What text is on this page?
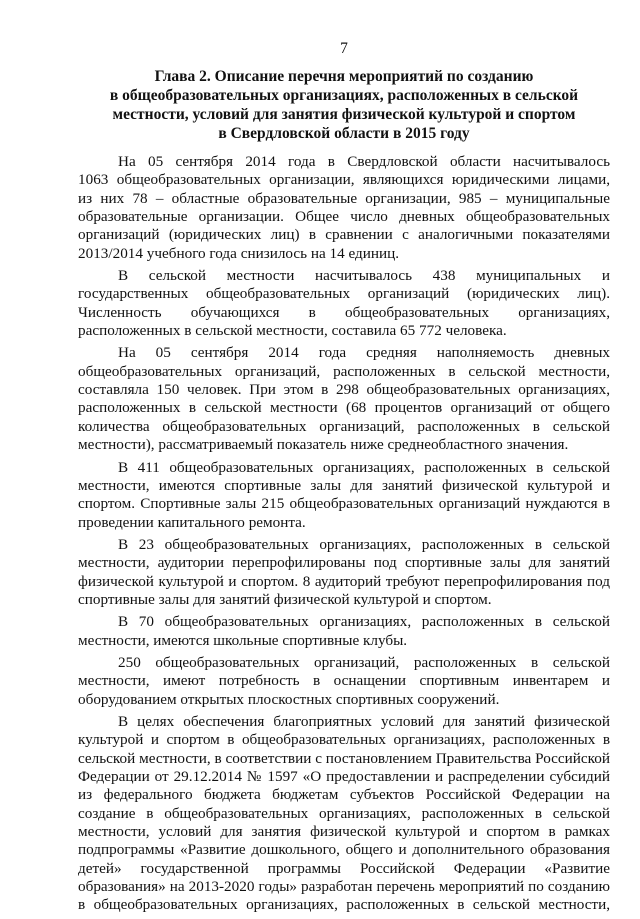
7
Глава 2. Описание перечня мероприятий по созданию
в общеобразовательных организациях, расположенных в сельской
местности, условий для занятия физической культурой и спортом
в Свердловской области в 2015 году

На 05 сентября 2014 года в Свердловской области насчитывалось
1063 общеобразовательных организации, являющихся юридическими лицами,
из них 78 – областные образовательные организации, 985 – муниципальные
образовательные организации. Общее число дневных общеобразовательных
организаций (юридических лиц) в сравнении с аналогичными показателями
2013/2014 учебного года снизилось на 14 единиц.

В сельской местности насчитывалось 438 муниципальных и
государственных общеобразовательных организаций (юридических лиц).
Численность обучающихся в общеобразовательных организациях,
расположенных в сельской местности, составила 65 772 человека.

На 05 сентября 2014 года средняя наполняемость дневных
общеобразовательных организаций, расположенных в сельской местности,
составляла 150 человек. При этом в 298 общеобразовательных организациях,
расположенных в сельской местности (68 процентов организаций от общего
количества общеобразовательных организаций, расположенных в сельской
местности), рассматриваемый показатель ниже среднеобластного значения.

В 411 общеобразовательных организациях, расположенных в сельской
местности, имеются спортивные залы для занятий физической культурой и
спортом. Спортивные залы 215 общеобразовательных организаций нуждаются в
проведении капитального ремонта.

В 23 общеобразовательных организациях, расположенных в сельской
местности, аудитории перепрофилированы под спортивные залы для занятий
физической культурой и спортом. 8 аудиторий требуют перепрофилирования под
спортивные залы для занятий физической культурой и спортом.

В 70 общеобразовательных организациях, расположенных в сельской
местности, имеются школьные спортивные клубы.

250 общеобразовательных организаций, расположенных в сельской
местности, имеют потребность в оснащении спортивным инвентарем и
оборудованием открытых плоскостных спортивных сооружений.

В целях обеспечения благоприятных условий для занятий физической
культурой и спортом в общеобразовательных организациях, расположенных в
сельской местности, в соответствии с постановлением Правительства Российской
Федерации от 29.12.2014 № 1597 «О предоставлении и распределении субсидий
из федерального бюджета бюджетам субъектов Российской Федерации на
создание в общеобразовательных организациях, расположенных в сельской
местности, условий для занятия физической культурой и спортом в рамках
подпрограммы «Развитие дошкольного, общего и дополнительного образования
детей» государственной программы Российской Федерации «Развитие
образования» на 2013-2020 годы» разработан перечень мероприятий по созданию
в общеобразовательных организациях, расположенных в сельской местности,
